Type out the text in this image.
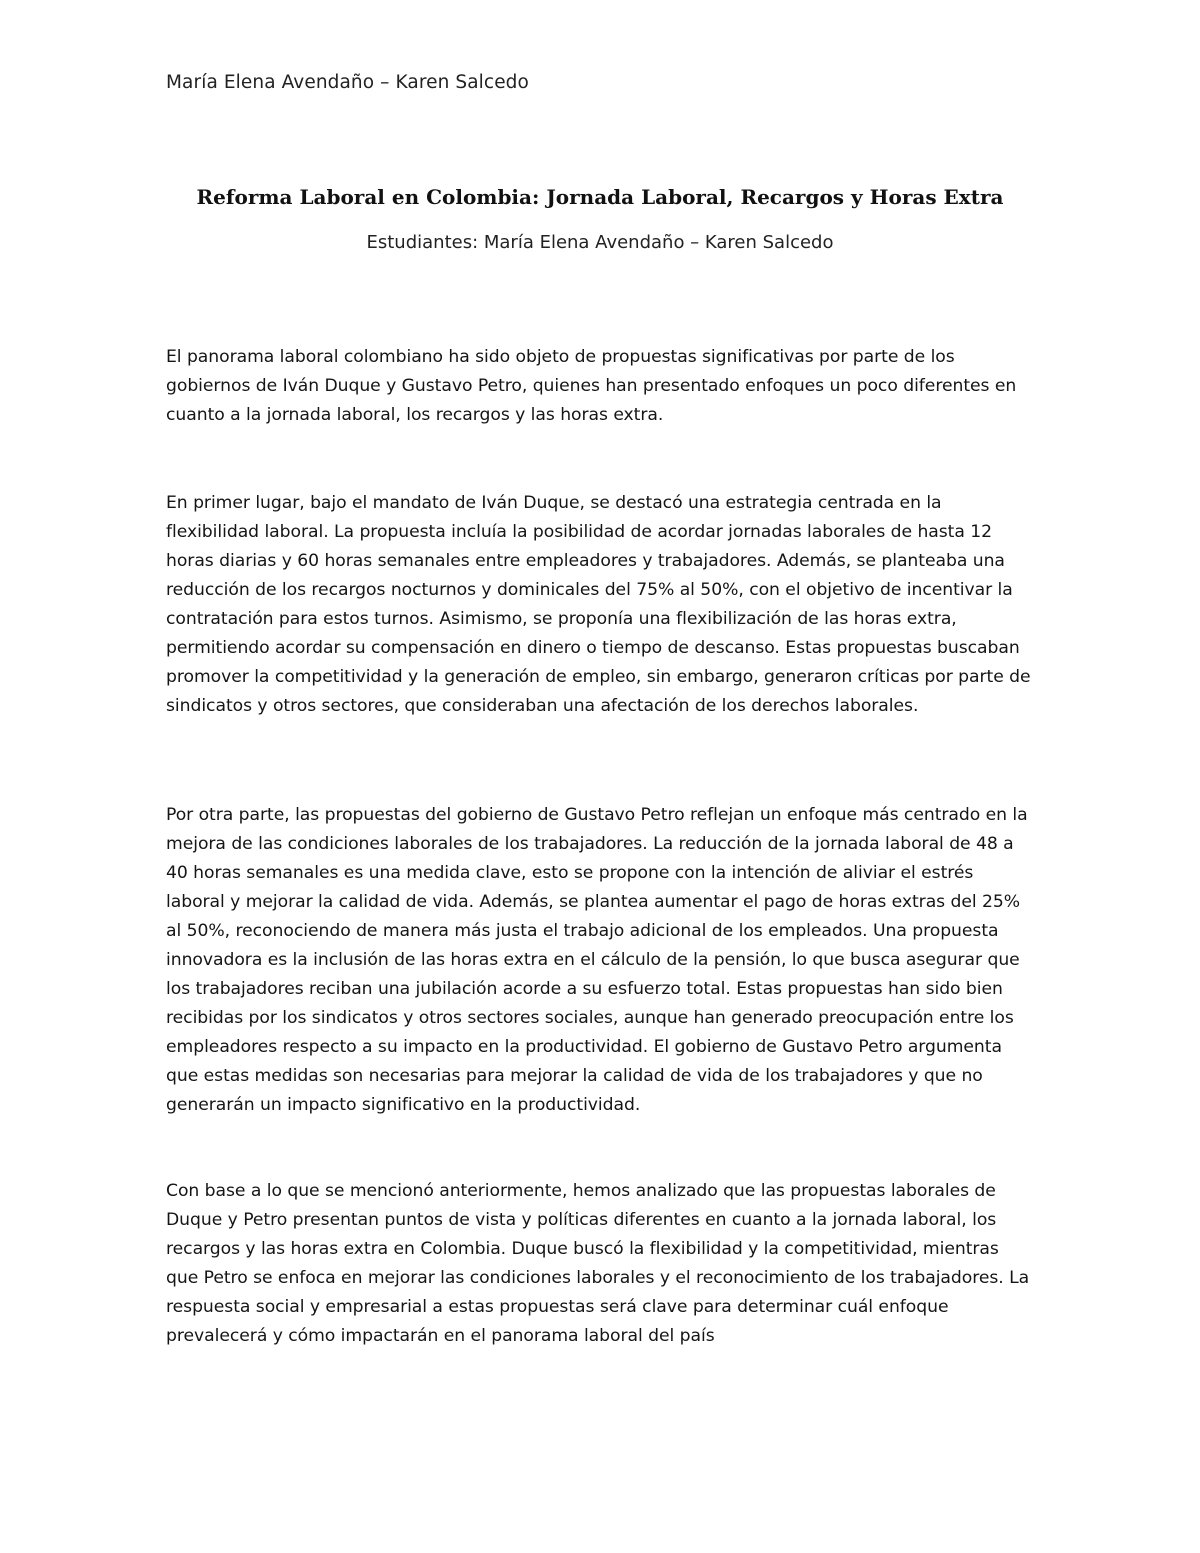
María Elena Avendaño – Karen Salcedo
Reforma Laboral en Colombia: Jornada Laboral, Recargos y Horas Extra
Estudiantes: María Elena Avendaño – Karen Salcedo

El panorama laboral colombiano ha sido objeto de propuestas significativas por parte de los gobiernos de Iván Duque y Gustavo Petro, quienes han presentado enfoques un poco diferentes en cuanto a la jornada laboral, los recargos y las horas extra.

En primer lugar, bajo el mandato de Iván Duque, se destacó una estrategia centrada en la flexibilidad laboral. La propuesta incluía la posibilidad de acordar jornadas laborales de hasta 12 horas diarias y 60 horas semanales entre empleadores y trabajadores. Además, se planteaba una reducción de los recargos nocturnos y dominicales del 75% al 50%, con el objetivo de incentivar la contratación para estos turnos. Asimismo, se proponía una flexibilización de las horas extra, permitiendo acordar su compensación en dinero o tiempo de descanso. Estas propuestas buscaban promover la competitividad y la generación de empleo, sin embargo, generaron críticas por parte de sindicatos y otros sectores, que consideraban una afectación de los derechos laborales.

Por otra parte, las propuestas del gobierno de Gustavo Petro reflejan un enfoque más centrado en la mejora de las condiciones laborales de los trabajadores. La reducción de la jornada laboral de 48 a 40 horas semanales es una medida clave, esto se propone con la intención de aliviar el estrés laboral y mejorar la calidad de vida. Además, se plantea aumentar el pago de horas extras del 25% al 50%, reconociendo de manera más justa el trabajo adicional de los empleados. Una propuesta innovadora es la inclusión de las horas extra en el cálculo de la pensión, lo que busca asegurar que los trabajadores reciban una jubilación acorde a su esfuerzo total. Estas propuestas han sido bien recibidas por los sindicatos y otros sectores sociales, aunque han generado preocupación entre los empleadores respecto a su impacto en la productividad. El gobierno de Gustavo Petro argumenta que estas medidas son necesarias para mejorar la calidad de vida de los trabajadores y que no generarán un impacto significativo en la productividad.

Con base a lo que se mencionó anteriormente, hemos analizado que las propuestas laborales de Duque y Petro presentan puntos de vista y políticas diferentes en cuanto a la jornada laboral, los recargos y las horas extra en Colombia. Duque buscó la flexibilidad y la competitividad, mientras que Petro se enfoca en mejorar las condiciones laborales y el reconocimiento de los trabajadores. La respuesta social y empresarial a estas propuestas será clave para determinar cuál enfoque prevalecerá y cómo impactarán en el panorama laboral del país
